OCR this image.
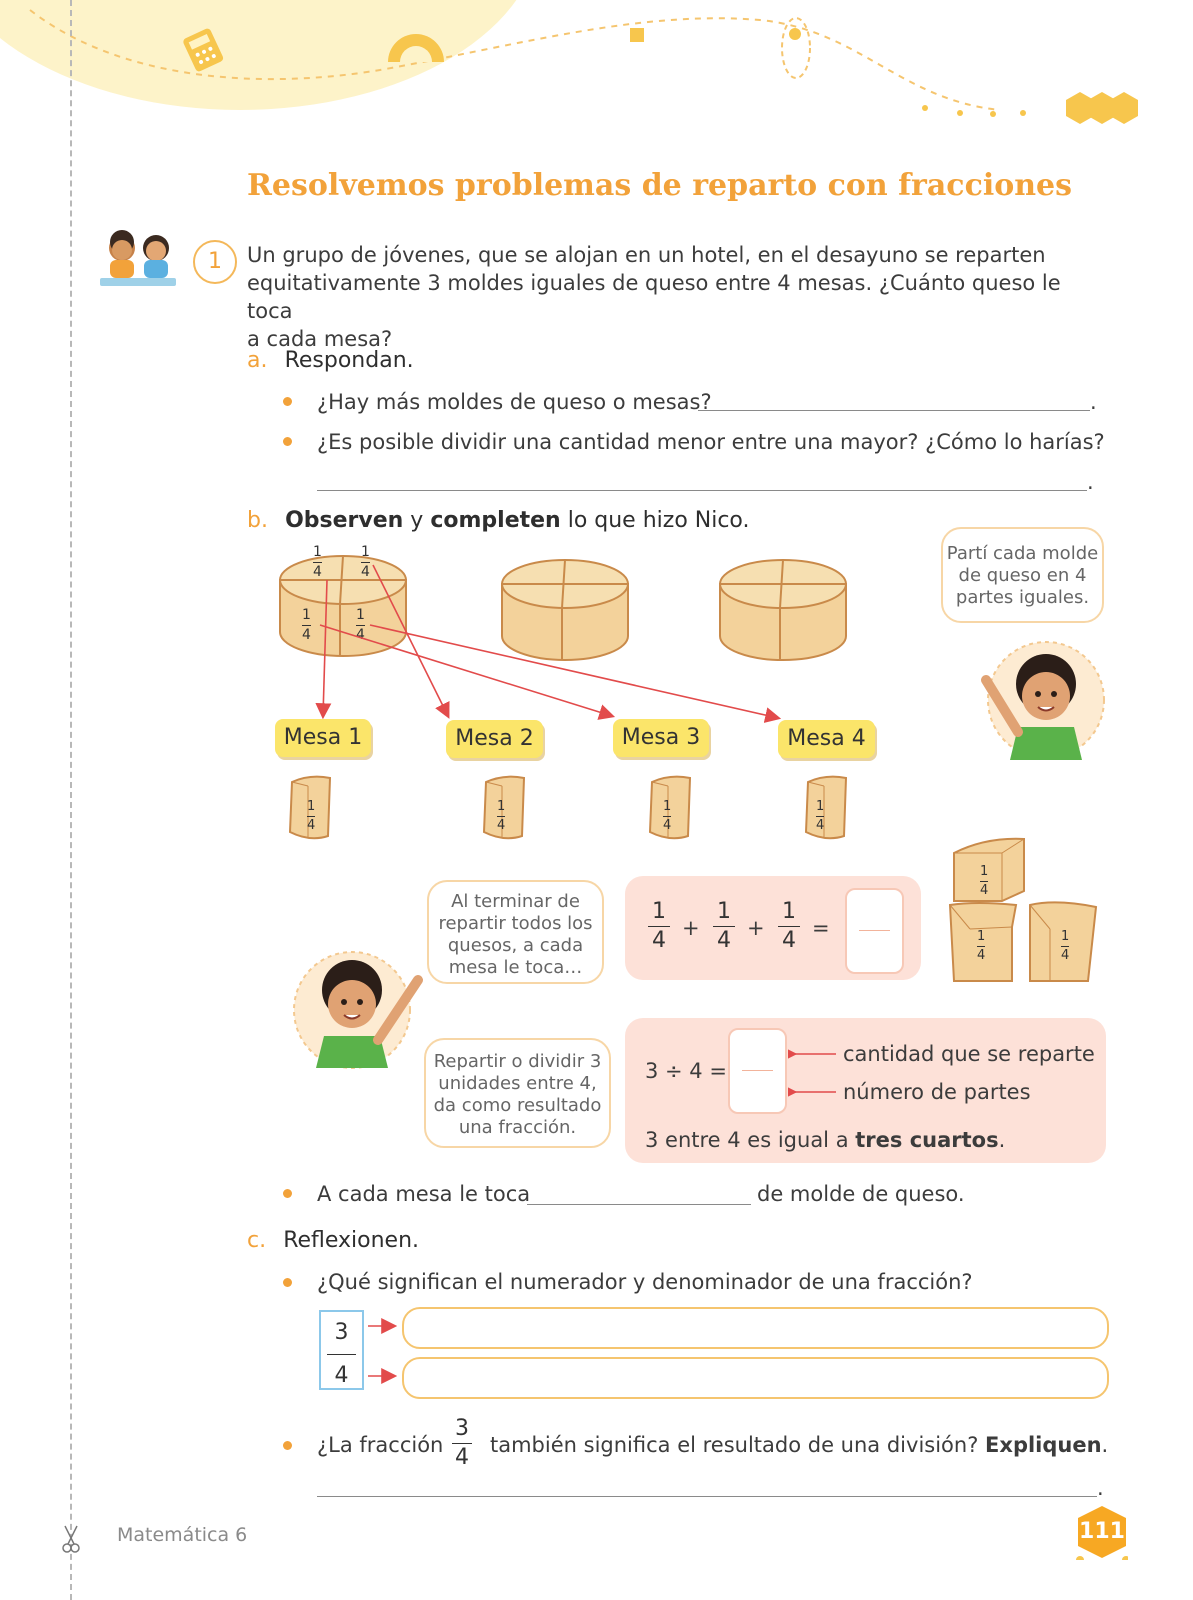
Resolvemos problemas de reparto con fracciones
1	Un grupo de jóvenes, que se alojan en un hotel, en el desayuno se reparten
equitativamente 3 moldes iguales de queso entre 4 mesas. ¿Cuánto queso le toca
a cada mesa?
a. Respondan.
¿Hay más moldes de queso o mesas?	.
¿Es posible dividir una cantidad menor entre una mayor? ¿Cómo lo harías?
.
b. Observen y completen lo que hizo Nico.
1
4
1
4
1
4
1
4
Partí cada molde
de queso en 4
partes iguales.
Mesa 1	Mesa 2	Mesa 3	Mesa 4
1
4
1
4
1
4
1
4
Al terminar de
repartir todos los
quesos, a cada
mesa le toca…
Repartir o dividir 3
unidades entre 4,
da como resultado
una fracción.
1
4 +
1
4 +
1
4 =
1
4
1
4
1
4
3 ÷ 4 =
cantidad que se reparte
número de partes
3 entre 4 es igual a tres cuartos.
A cada mesa le toca	de molde de queso.
c. Reflexionen.
¿Qué significan el numerador y denominador de una fracción?
3
4
¿La fracción
3
4 también significa el resultado de una división? Expliquen.
.
Matemática 6	111
